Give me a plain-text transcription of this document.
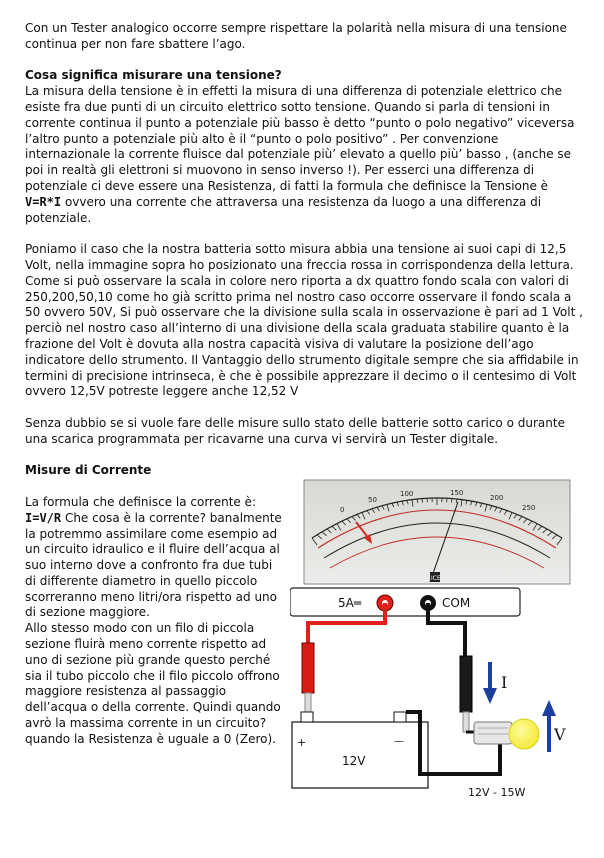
Con un Tester analogico occorre sempre rispettare la polarità nella misura di una tensione continua per non fare sbattere l’ago.

Cosa significa misurare una tensione?

La misura della tensione è in effetti la misura di una differenza di potenziale elettrico che esiste fra due punti di un circuito elettrico sotto tensione. Quando si parla di tensioni in corrente continua il punto a potenziale più basso è detto “punto o polo negativo” viceversa l’altro punto a potenziale più alto è il “punto o polo positivo” . Per convenzione internazionale la corrente fluisce dal potenziale più’ elevato a quello più’ basso , (anche se poi in realtà gli elettroni si muovono in senso inverso !). Per esserci una differenza di potenziale ci deve essere una Resistenza, di fatti la formula che definisce la Tensione è V=R*I ovvero una corrente che attraversa una resistenza da luogo a una differenza di potenziale.

Poniamo il caso che la nostra batteria sotto misura abbia una tensione ai suoi capi di 12,5 Volt, nella immagine sopra ho posizionato una freccia rossa in corrispondenza della lettura. Come si può osservare la scala in colore nero riporta a dx quattro fondo scala con valori di 250,200,50,10 come ho già scritto prima nel nostro caso occorre osservare il fondo scala a 50 ovvero 50V, Si può osservare che la divisione sulla scala in osservazione è pari ad 1 Volt , perciò nel nostro caso all’interno di una divisione della scala graduata stabilire quanto è la frazione del Volt è dovuta alla nostra capacità visiva di valutare la posizione dell’ago indicatore dello strumento. Il Vantaggio dello strumento digitale sempre che sia affidabile in termini di precisione intrinseca, è che è possibile apprezzare il decimo o il centesimo di Volt ovvero 12,5V potreste leggere anche 12,52 V

Senza dubbio se si vuole fare delle misure sullo stato delle batterie sotto carico o durante una scarica programmata per ricavarne una curva vi servirà un Tester digitale.

Misure di Corrente

La formula che definisce la corrente è: I=V/R Che cosa è la corrente? banalmente la potremmo assimilare come esempio ad un circuito idraulico e il fluire dell’acqua al suo interno dove a confronto fra due tubi di differente diametro in quello piccolo scorreranno meno litri/ora rispetto ad uno di sezione maggiore.

Allo stesso modo con un filo di piccola sezione fluirà meno corrente rispetto ad uno di sezione più grande questo perché sia il tubo piccolo che il filo piccolo offrono maggiore resistenza al passaggio dell’acqua o della corrente. Quindi quando avrò la massima corrente in un circuito? quando la Resistenza è uguale a 0 (Zero).

0
50
100	150
200
250
ICE
5A═	COM
+	—
12V
12V - 15W
I
V
